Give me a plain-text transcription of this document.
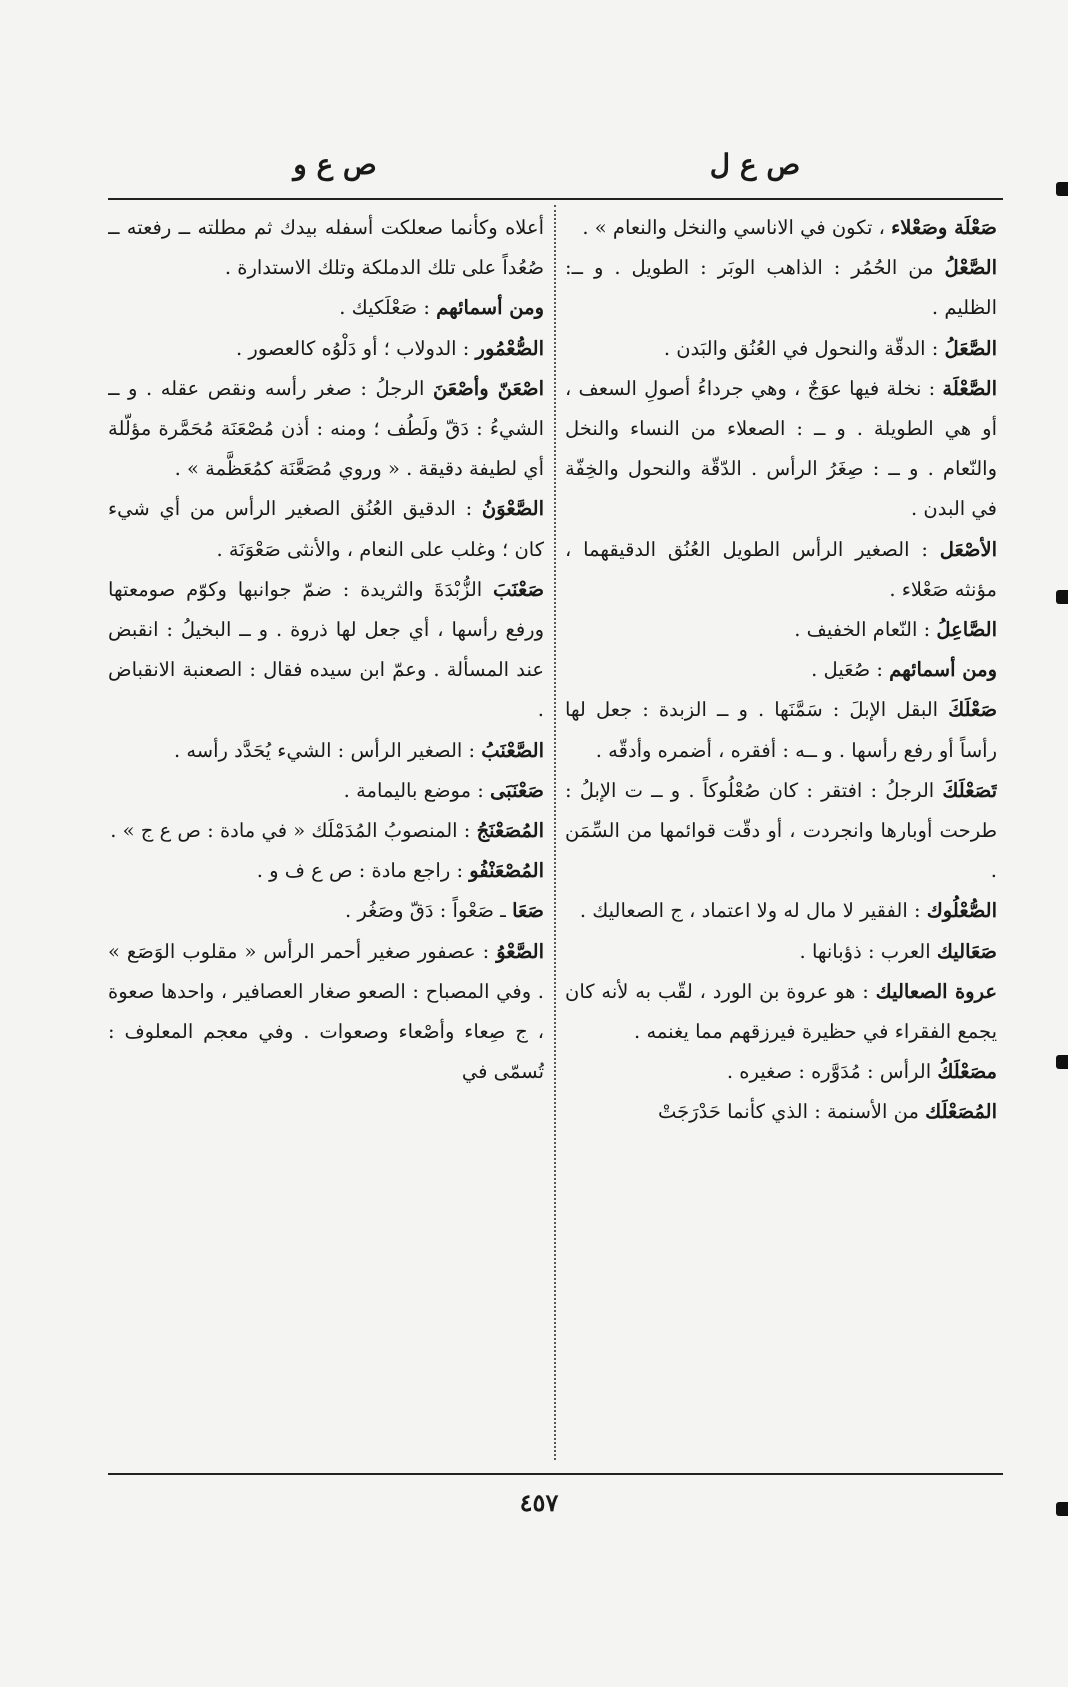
ص ع ل
ص ع و

صَعْلَة وصَعْلاء ، تكون في الاناسي والنخل والنعام » .

الصَّعْلُ من الحُمُر : الذاهب الوبَر : الطويل . و ــ: الظليم .

الصَّعَلُ : الدقّة والنحول في العُنُق والبَدن .

الصَّعْلَة : نخلة فيها عوَجٌ ، وهي جرداءُ أصولِ السعف ، أو هي الطويلة . و ــ : الصعلاء من النساء والنخل والنّعام . و ــ : صِغَرُ الرأس . الدّقّة والنحول والخِفّة في البدن .

الأصْعَل : الصغير الرأس الطويل العُنُق الدقيقهما ، مؤنثه صَعْلاء .

الصَّاعِلُ : النّعام الخفيف .

ومن أسمائهم : صُعَيل .

صَعْلَكَ البقل الإبلَ : سَمَّنَها . و ــ الزبدة : جعل لها رأساً أو رفع رأسها . و ــه : أفقره ، أضمره وأدقّه .

تَصَعْلَكَ الرجلُ : افتقر : كان صُعْلُوكاً . و ــ ت الإبلُ : طرحت أوبارها وانجردت ، أو دقّت قوائمها من السِّمَن .

الصُّعْلُوك : الفقير لا مال له ولا اعتماد ، ج الصعاليك .

صَعَاليك العرب : ذؤبانها .

عروة الصعاليك : هو عروة بن الورد ، لقّب به لأنه كان يجمع الفقراء في حظيرة فيرزقهم مما يغنمه .

مصَعْلَكُ الرأس : مُدَوَّره : صغيره .

المُصَعْلَك من الأسنمة : الذي كأنما حَدْرَجَتْ

أعلاه وكأنما صعلكت أسفله بيدك ثم مطلته ــ رفعته ــ صُعُداً على تلك الدملكة وتلك الاستدارة .

ومن أسمائهم : صَعْلَكيك .

الصُّعْمُور : الدولاب ؛ أو دَلْوُه كالعصور .

اصْعَنّ وأصْعَنَ الرجلُ : صغر رأسه ونقص عقله . و ــ الشيءُ : دَقّ ولَطُف ؛ ومنه : أذن مُصْعَنَة مُحَمَّرة مؤلّلة أي لطيفة دقيقة . « وروي مُصَعَّنَة كمُعَظَّمة » .

الصَّعْوَنُ : الدقيق العُنُق الصغير الرأس من أي شيء كان ؛ وغلب على النعام ، والأنثى صَعْوَنَة .

صَعْنَبَ الزُّبْدَةَ والثريدة : ضمّ جوانبها وكوّم صومعتها ورفع رأسها ، أي جعل لها ذروة . و ــ البخيلُ : انقبض عند المسألة . وعمّ ابن سيده فقال : الصعنبة الانقباض .

الصَّعْنَبُ : الصغير الرأس : الشيء يُحَدَّد رأسه .

صَعْنَبَى : موضع باليمامة .

المُصَعْنَجُ : المنصوبُ المُدَمْلَك « في مادة : ص ع ج » .

المُصْعَنْفُو : راجع مادة : ص ع ف و .

صَعَا ـ صَعْواً : دَقّ وصَغُر .

الصَّعْوُ : عصفور صغير أحمر الرأس « مقلوب الوَصَع » . وفي المصباح : الصعو صغار العصافير ، واحدها صعوة ، ج صِعاء وأصْعاء وصعوات . وفي معجم المعلوف : تُسمّى في

٤٥٧
